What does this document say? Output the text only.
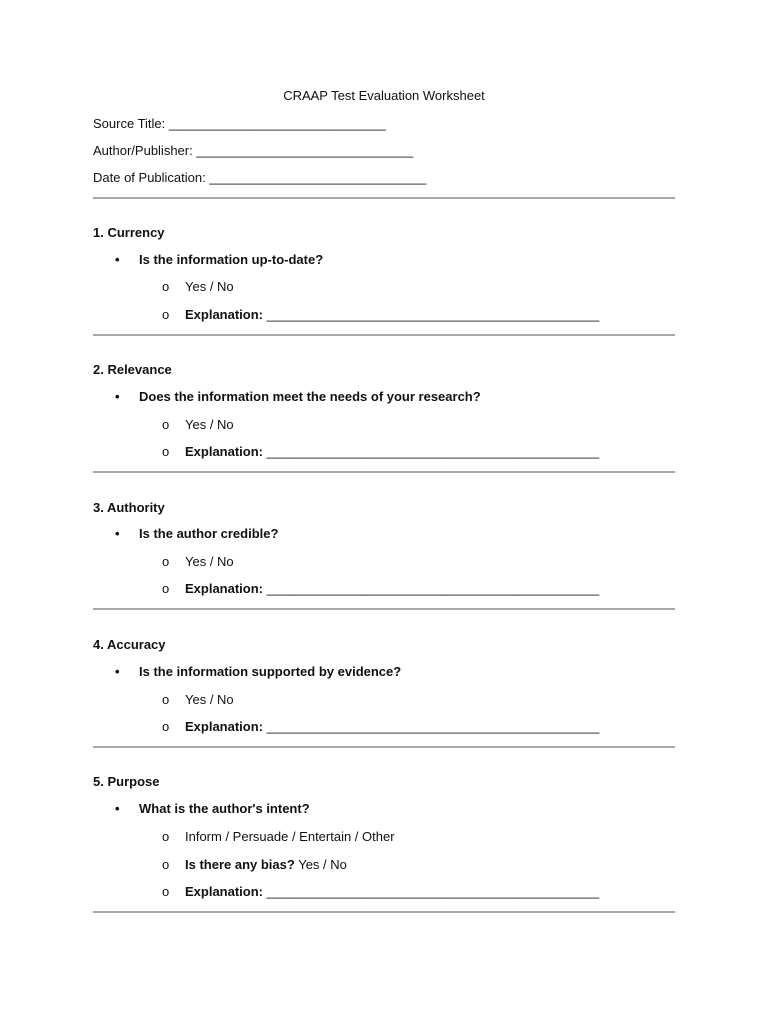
CRAAP Test Evaluation Worksheet
Source Title: ______________________________
Author/Publisher: ______________________________
Date of Publication: ______________________________
1. Currency
• Is the information up-to-date?
o Yes / No
o Explanation: ______________________________________________
2. Relevance
• Does the information meet the needs of your research?
o Yes / No
o Explanation: ______________________________________________
3. Authority
• Is the author credible?
o Yes / No
o Explanation: ______________________________________________
4. Accuracy
• Is the information supported by evidence?
o Yes / No
o Explanation: ______________________________________________
5. Purpose
• What is the author's intent?
o Inform / Persuade / Entertain / Other
o Is there any bias? Yes / No
o Explanation: ______________________________________________
